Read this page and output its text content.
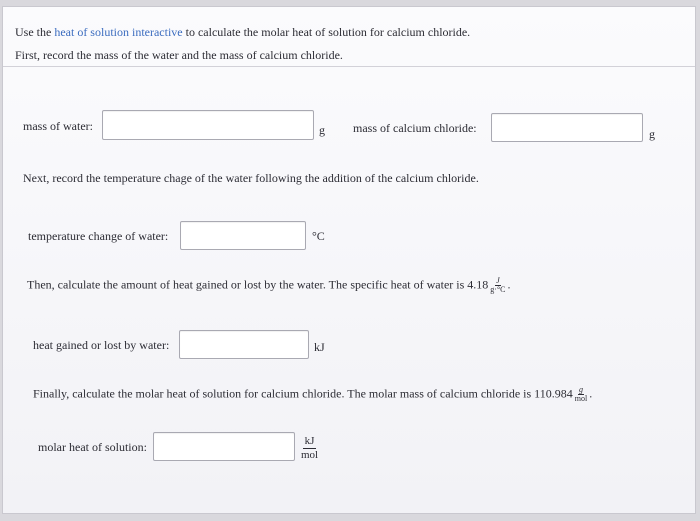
Use the heat of solution interactive to calculate the molar heat of solution for calcium chloride.
First, record the mass of the water and the mass of calcium chloride.
mass of water:	g mass of calcium chloride:	g
Next, record the temperature chage of the water following the addition of the calcium chloride.
temperature change of water:	°C
Then, calculate the amount of heat gained or lost by the water. The specific heat of water is $4.18 \frac{J}{g\cdot^\circ C}$ .
heat gained or lost by water:	kJ
Finally, calculate the molar heat of solution for calcium chloride. The molar mass of calcium chloride is $110.984 \frac{g}{\text{mol}}$ .
molar heat of solution:	kJ
mol
